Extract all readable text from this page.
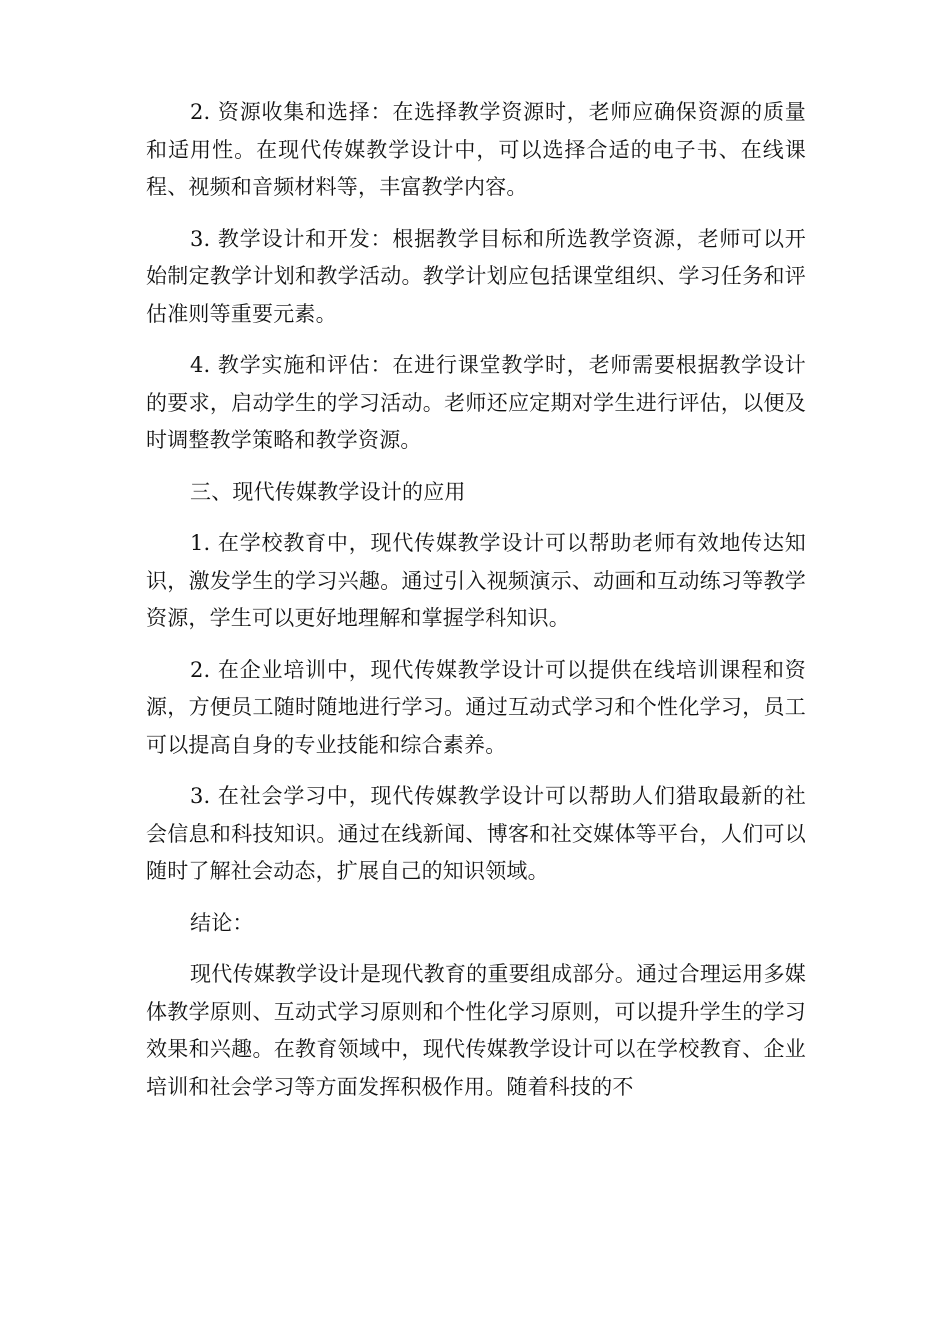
2. 资源收集和选择：在选择教学资源时，老师应确保资源的质量和适用性。在现代传媒教学设计中，可以选择合适的电子书、在线课程、视频和音频材料等，丰富教学内容。

3. 教学设计和开发：根据教学目标和所选教学资源，老师可以开始制定教学计划和教学活动。教学计划应包括课堂组织、学习任务和评估准则等重要元素。

4. 教学实施和评估：在进行课堂教学时，老师需要根据教学设计的要求，启动学生的学习活动。老师还应定期对学生进行评估，以便及时调整教学策略和教学资源。

三、现代传媒教学设计的应用

1. 在学校教育中，现代传媒教学设计可以帮助老师有效地传达知识，激发学生的学习兴趣。通过引入视频演示、动画和互动练习等教学资源，学生可以更好地理解和掌握学科知识。

2. 在企业培训中，现代传媒教学设计可以提供在线培训课程和资源，方便员工随时随地进行学习。通过互动式学习和个性化学习，员工可以提高自身的专业技能和综合素养。

3. 在社会学习中，现代传媒教学设计可以帮助人们猎取最新的社会信息和科技知识。通过在线新闻、博客和社交媒体等平台，人们可以随时了解社会动态，扩展自己的知识领域。

结论：

现代传媒教学设计是现代教育的重要组成部分。通过合理运用多媒体教学原则、互动式学习原则和个性化学习原则，可以提升学生的学习效果和兴趣。在教育领域中，现代传媒教学设计可以在学校教育、企业培训和社会学习等方面发挥积极作用。随着科技的不
